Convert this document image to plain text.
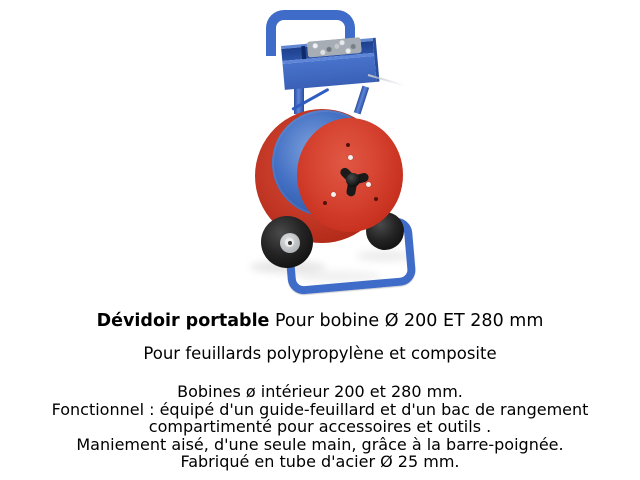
Dévidoir portable Pour bobine Ø 200 ET 280 mm
Pour feuillards polypropylène et composite
Bobines ø intérieur 200 et 280 mm.
Fonctionnel : équipé d'un guide-feuillard et d'un bac de rangement
compartimenté pour accessoires et outils .
Maniement aisé, d'une seule main, grâce à la barre-poignée.
Fabriqué en tube d'acier Ø 25 mm.
